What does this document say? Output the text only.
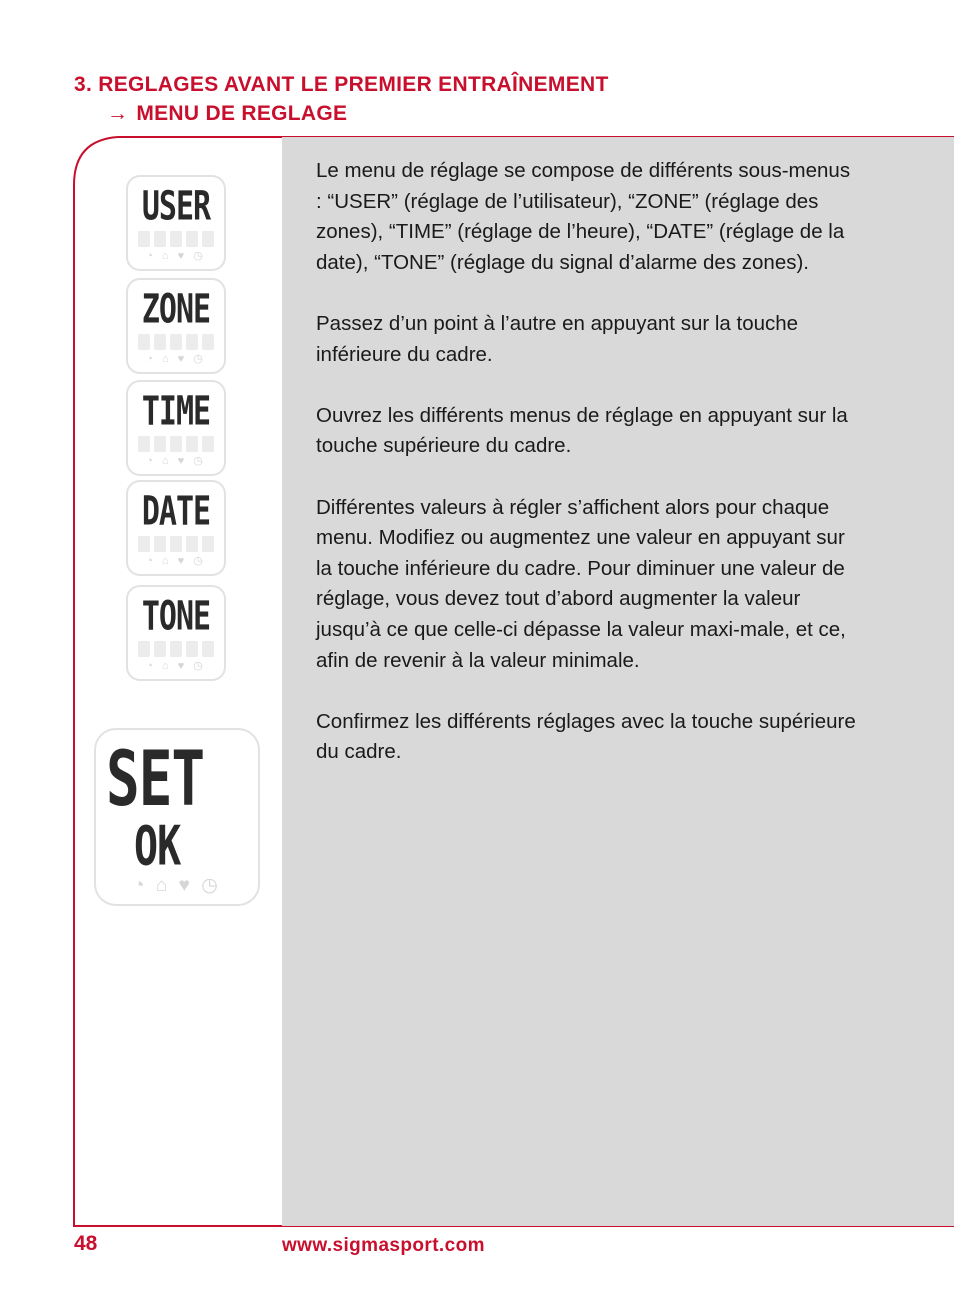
3. REGLAGES AVANT LE PREMIER ENTRAÎNEMENT
→ MENU DE REGLAGE

Le menu de réglage se compose de différents sous-menus : “USER” (réglage de l’utilisateur), “ZONE” (réglage des zones), “TIME” (réglage de l’heure), “DATE” (réglage de la date), “TONE” (réglage du signal d’alarme des zones).

Passez d’un point à l’autre en appuyant sur la touche inférieure du cadre.

Ouvrez les différents menus de réglage en appuyant sur la touche supérieure du cadre.

Différentes valeurs à régler s’affichent alors pour chaque menu. Modifiez ou augmentez une valeur en appuyant sur la touche inférieure du cadre. Pour diminuer une valeur de réglage, vous devez tout d’abord augmenter la valeur jusqu’à ce que celle-ci dépasse la valeur maxi-male, et ce, afin de revenir à la valeur minimale.

Confirmez les différents réglages avec la touche supérieure du cadre.

USER
◔ ⌂ ♥ ◷
ZONE
◔ ⌂ ♥ ◷
TIME
◔ ⌂ ♥ ◷
DATE
◔ ⌂ ♥ ◷
TONE
◔ ⌂ ♥ ◷
SET
OK
◔ ⌂ ♥ ◷
48	www.sigmasport.com
